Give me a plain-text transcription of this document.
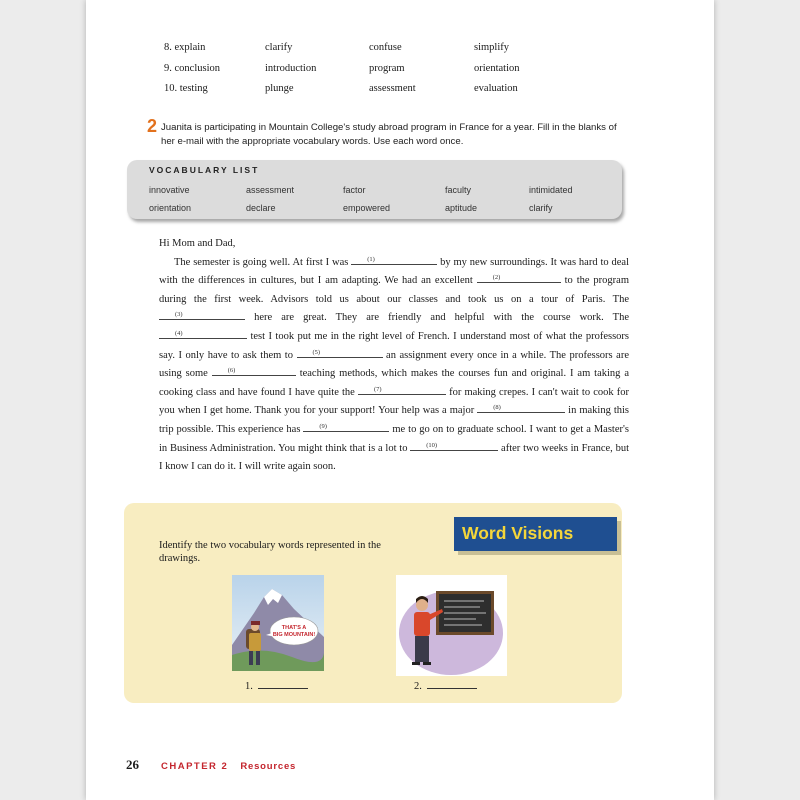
8. explain	clarify	confuse	simplify
9. conclusion	introduction	program	orientation
10. testing	plunge	assessment	evaluation
2 Juanita is participating in Mountain College's study abroad program in France for a year. Fill in the blanks of her e-mail with the appropriate vocabulary words. Use each word once.
VOCABULARY LIST
innovative	assessment	factor	faculty	intimidated
orientation	declare	empowered	aptitude	clarify

Hi Mom and Dad,

The semester is going well. At first I was	(1)	by my new surroundings. It was hard to deal with the differences in cultures, but I am adapting. We had an excellent	(2)	to the program during the first week. Advisors told us about our classes and took us on a tour of Paris. The
(3)	here are great. They are friendly and helpful with the course work. The
(4)	test I took put me in the right level of French. I understand most of what the professors say. I only have to ask them to	(5)	an assignment every once in a while. The professors are using some	(6)	teaching methods, which makes the courses fun and original. I am taking a cooking class and have found I have quite the	(7)	for making crepes. I can't wait to cook for you when I get home. Thank you for your support! Your help was a major	(8)	in making this trip possible. This experience has	(9)	me to go on to graduate school. I want to get a Master's in Business Administration. You might think that is a lot to	(10)	after two weeks in France, but I know I can do it. I will write again soon.

Word Visions
Identify the two vocabulary words represented in the drawings.
THAT'S A
BIG MOUNTAIN!
1.	2.
26 CHAPTER 2 Resources
